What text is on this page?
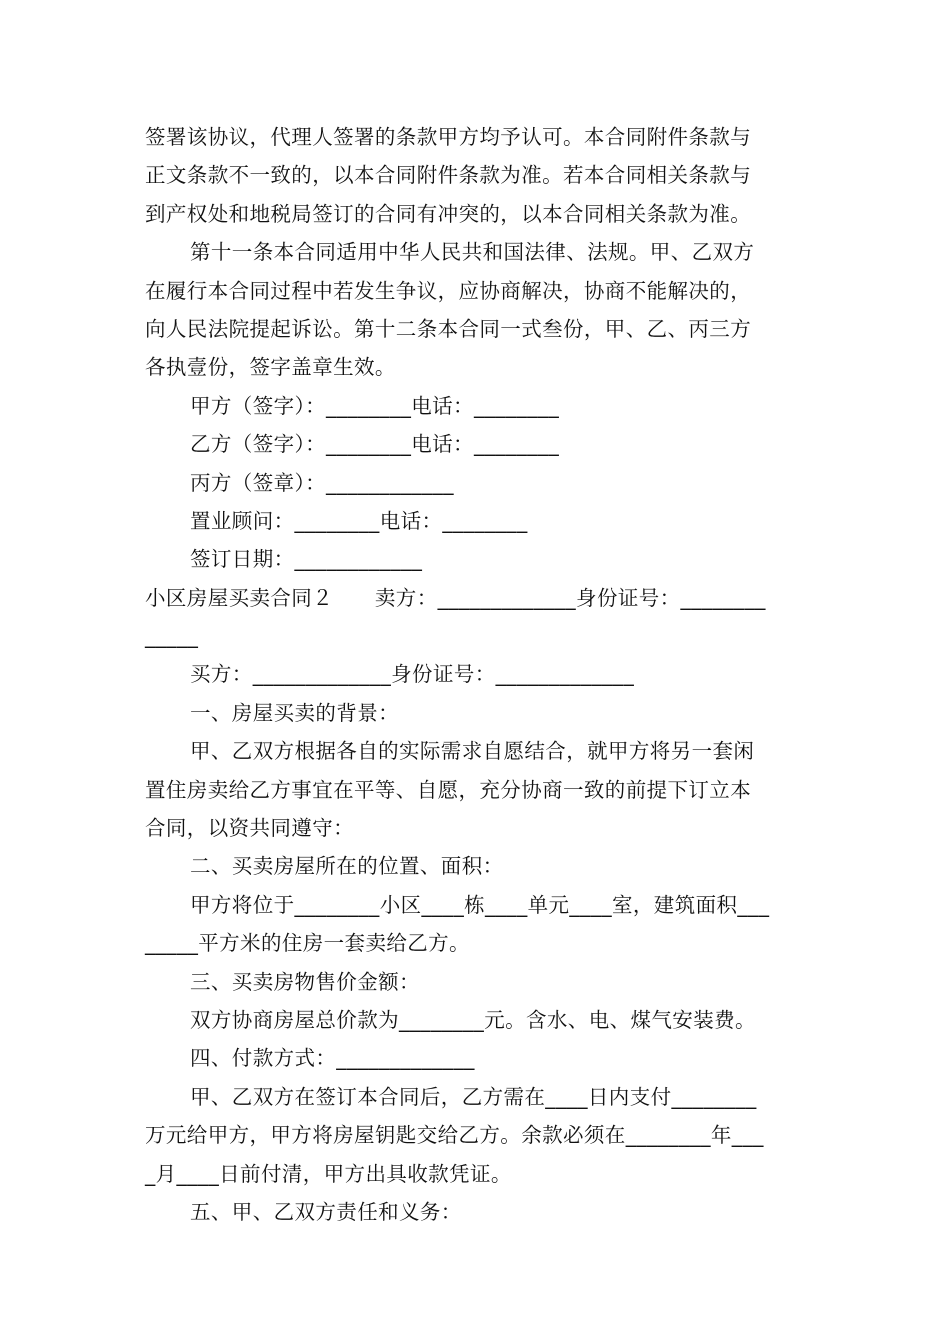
签署该协议，代理人签署的条款甲方均予认可。本合同附件条款与
正文条款不一致的，以本合同附件条款为准。若本合同相关条款与
到产权处和地税局签订的合同有冲突的，以本合同相关条款为准。
第十一条本合同适用中华人民共和国法律、法规。甲、乙双方
在履行本合同过程中若发生争议，应协商解决，协商不能解决的，
向人民法院提起诉讼。第十二条本合同一式叁份，甲、乙、丙三方
各执壹份，签字盖章生效。
甲方（签字）：________电话：________
乙方（签字）：________电话：________
丙方（签章）：____________
置业顾问：________电话：________
签订日期：____________
小区房屋买卖合同２　　卖方：_____________身份证号：________
_____
买方：_____________身份证号：_____________
一、房屋买卖的背景：
甲、乙双方根据各自的实际需求自愿结合，就甲方将另一套闲
置住房卖给乙方事宜在平等、自愿，充分协商一致的前提下订立本
合同，以资共同遵守：
二、买卖房屋所在的位置、面积：
甲方将位于________小区____栋____单元____室，建筑面积___
_____平方米的住房一套卖给乙方。
三、买卖房物售价金额：
双方协商房屋总价款为________元。含水、电、煤气安装费。
四、付款方式：_____________
甲、乙双方在签订本合同后，乙方需在____日内支付________
万元给甲方，甲方将房屋钥匙交给乙方。余款必须在________年___
_月____日前付清，甲方出具收款凭证。
五、甲、乙双方责任和义务：
